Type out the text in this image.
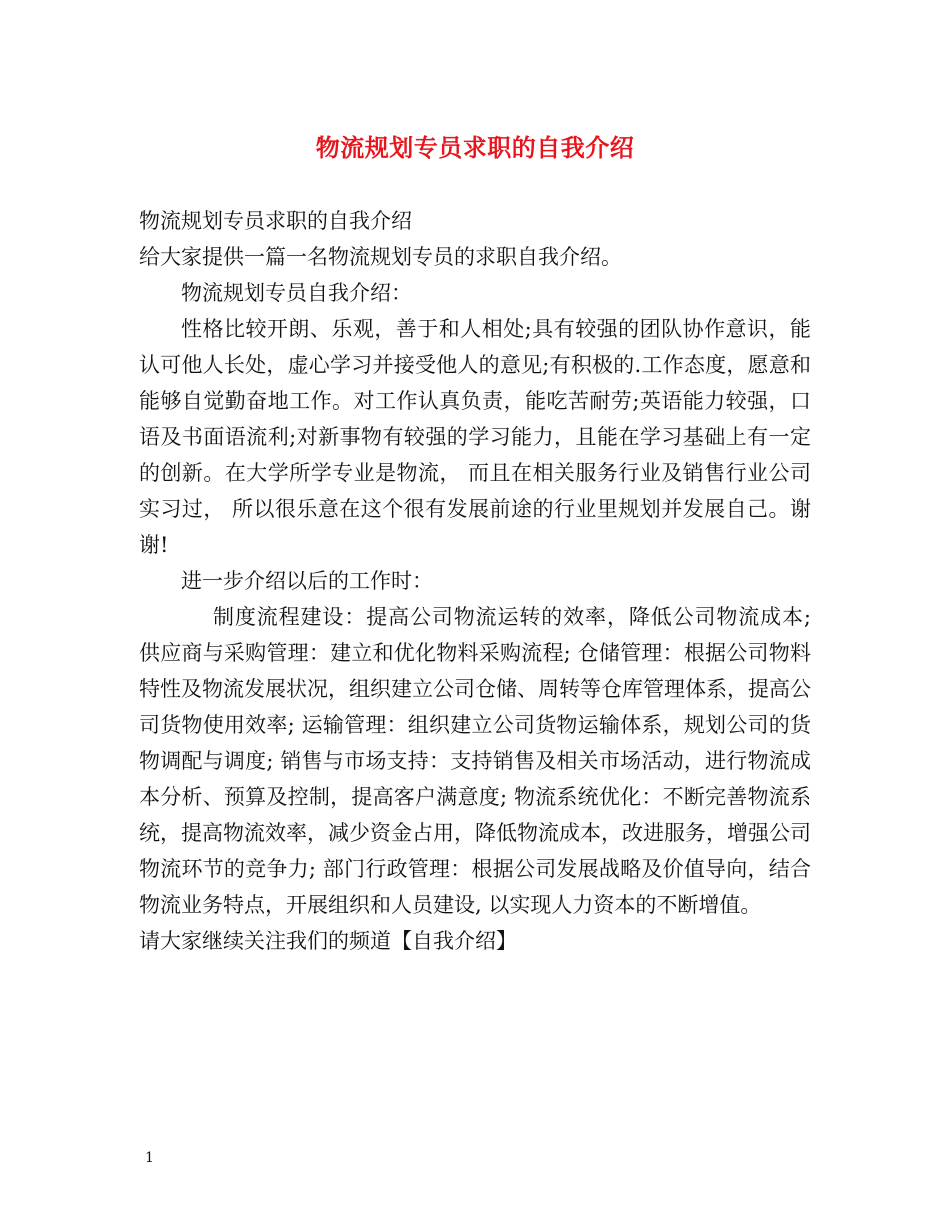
物流规划专员求职的自我介绍

物流规划专员求职的自我介绍

给大家提供一篇一名物流规划专员的求职自我介绍。

物流规划专员自我介绍：

性格比较开朗、乐观，善于和人相处;具有较强的团队协作意识，能认可他人长处，虚心学习并接受他人的意见;有积极的.工作态度，愿意和能够自觉勤奋地工作。对工作认真负责，能吃苦耐劳;英语能力较强，口语及书面语流利;对新事物有较强的学习能力，且能在学习基础上有一定的创新。在大学所学专业是物流， 而且在相关服务行业及销售行业公司实习过， 所以很乐意在这个很有发展前途的行业里规划并发展自己。谢谢!

进一步介绍以后的工作时：

制度流程建设：提高公司物流运转的效率，降低公司物流成本; 供应商与采购管理：建立和优化物料采购流程; 仓储管理：根据公司物料特性及物流发展状况，组织建立公司仓储、周转等仓库管理体系，提高公司货物使用效率; 运输管理：组织建立公司货物运输体系，规划公司的货物调配与调度; 销售与市场支持：支持销售及相关市场活动，进行物流成本分析、预算及控制，提高客户满意度; 物流系统优化：不断完善物流系统，提高物流效率，减少资金占用，降低物流成本，改进服务，增强公司物流环节的竞争力; 部门行政管理：根据公司发展战略及价值导向，结合物流业务特点，开展组织和人员建设, 以实现人力资本的不断增值。

请大家继续关注我们的频道【自我介绍】

1
